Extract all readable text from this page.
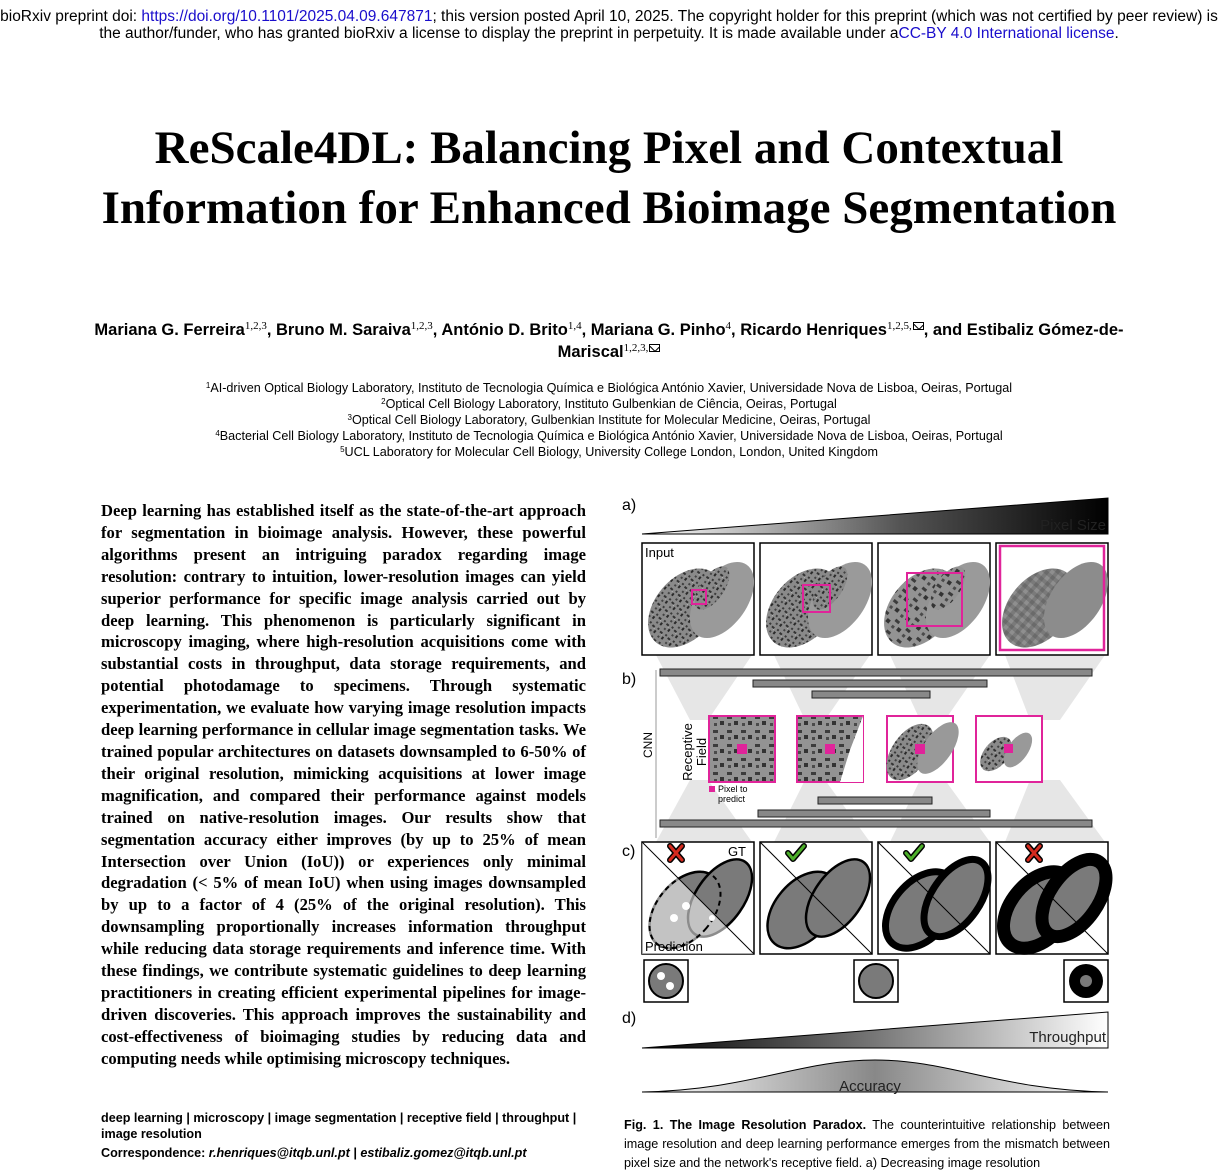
bioRxiv preprint doi: https://doi.org/10.1101/2025.04.09.647871; this version posted April 10, 2025. The copyright holder for this preprint (which was not certified by peer review) is the author/funder, who has granted bioRxiv a license to display the preprint in perpetuity. It is made available under aCC-BY 4.0 International license.
ReScale4DL: Balancing Pixel and Contextual Information for Enhanced Bioimage Segmentation
Mariana G. Ferreira$^{1,2,3}$, Bruno M. Saraiva$^{1,2,3}$, António D. Brito$^{1,4}$, Mariana G. Pinho$^4$, Ricardo Henriques$^{1,2,5,}$ , and Estibaliz Gómez-de-Mariscal$^{1,2,3,}$
$^1$AI-driven Optical Biology Laboratory, Instituto de Tecnologia Química e Biológica António Xavier, Universidade Nova de Lisboa, Oeiras, Portugal
$^2$Optical Cell Biology Laboratory, Instituto Gulbenkian de Ciência, Oeiras, Portugal
$^3$Optical Cell Biology Laboratory, Gulbenkian Institute for Molecular Medicine, Oeiras, Portugal
$^4$Bacterial Cell Biology Laboratory, Instituto de Tecnologia Química e Biológica António Xavier, Universidade Nova de Lisboa, Oeiras, Portugal
$^5$UCL Laboratory for Molecular Cell Biology, University College London, London, United Kingdom
Deep learning has established itself as the state-of-the-art approach for segmentation in bioimage analysis. However, these powerful algorithms present an intriguing paradox regarding image resolution: contrary to intuition, lower-resolution images can yield superior performance for specific image analysis carried out by deep learning. This phenomenon is particularly significant in microscopy imaging, where high-resolution acquisitions come with substantial costs in throughput, data storage requirements, and potential photodamage to specimens. Through systematic experimentation, we evaluate how varying image resolution impacts deep learning performance in cellular image segmentation tasks. We trained popular architectures on datasets downsampled to 6-50% of their original resolution, mimicking acquisitions at lower image magnification, and compared their performance against models trained on native-resolution images. Our results show that segmentation accuracy either improves (by up to 25% of mean Intersection over Union (IoU)) or experiences only minimal degradation (< 5% of mean IoU) when using images downsampled by up to a factor of 4 (25% of the original resolution). This downsampling proportionally increases information throughput while reducing data storage requirements and inference time. With these findings, we contribute systematic guidelines to deep learning practitioners in creating efficient experimental pipelines for image-driven discoveries. This approach improves the sustainability and cost-effectiveness of bioimaging studies by reducing data and computing needs while optimising microscopy techniques.
a)
b)
c)
d)
Pixel Size
Input
CNN Receptive Field
Pixel to
predict
GT
Prediction
Throughput
Accuracy
Fig. 1. The Image Resolution Paradox. The counterintuitive relationship between image resolution and deep learning performance emerges from the mismatch between pixel size and the network's receptive field. a) Decreasing image resolution
deep learning | microscopy | image segmentation | receptive field | throughput | image resolution
Correspondence: r.henriques@itqb.unl.pt | estibaliz.gomez@itqb.unl.pt
